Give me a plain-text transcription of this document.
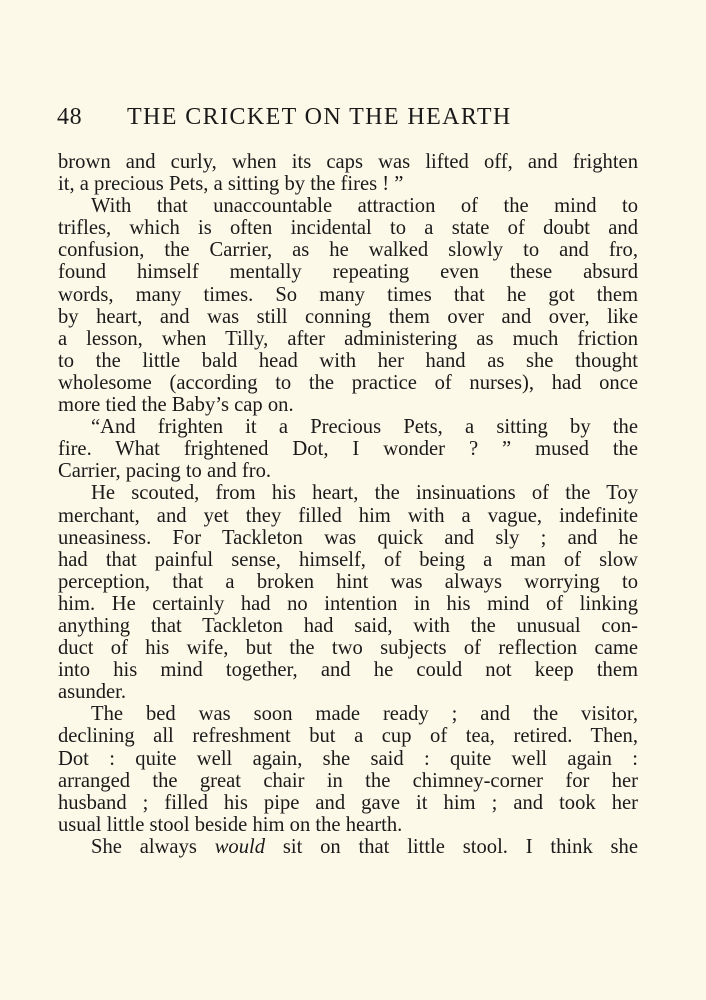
48 THE CRICKET ON THE HEARTH
brown and curly, when its caps was lifted off, and frighten
it, a precious Pets, a sitting by the fires ! ”
With that unaccountable attraction of the mind to
trifles, which is often incidental to a state of doubt and
confusion, the Carrier, as he walked slowly to and fro,
found himself mentally repeating even these absurd
words, many times. So many times that he got them
by heart, and was still conning them over and over, like
a lesson, when Tilly, after administering as much friction
to the little bald head with her hand as she thought
wholesome (according to the practice of nurses), had once
more tied the Baby’s cap on.
“And frighten it a Precious Pets, a sitting by the
fire. What frightened Dot, I wonder ? ” mused the
Carrier, pacing to and fro.
He scouted, from his heart, the insinuations of the Toy
merchant, and yet they filled him with a vague, indefinite
uneasiness. For Tackleton was quick and sly ; and he
had that painful sense, himself, of being a man of slow
perception, that a broken hint was always worrying to
him. He certainly had no intention in his mind of linking
anything that Tackleton had said, with the unusual con-
duct of his wife, but the two subjects of reflection came
into his mind together, and he could not keep them
asunder.
The bed was soon made ready ; and the visitor,
declining all refreshment but a cup of tea, retired. Then,
Dot : quite well again, she said : quite well again :
arranged the great chair in the chimney-corner for her
husband ; filled his pipe and gave it him ; and took her
usual little stool beside him on the hearth.
She always would sit on that little stool. I think she
